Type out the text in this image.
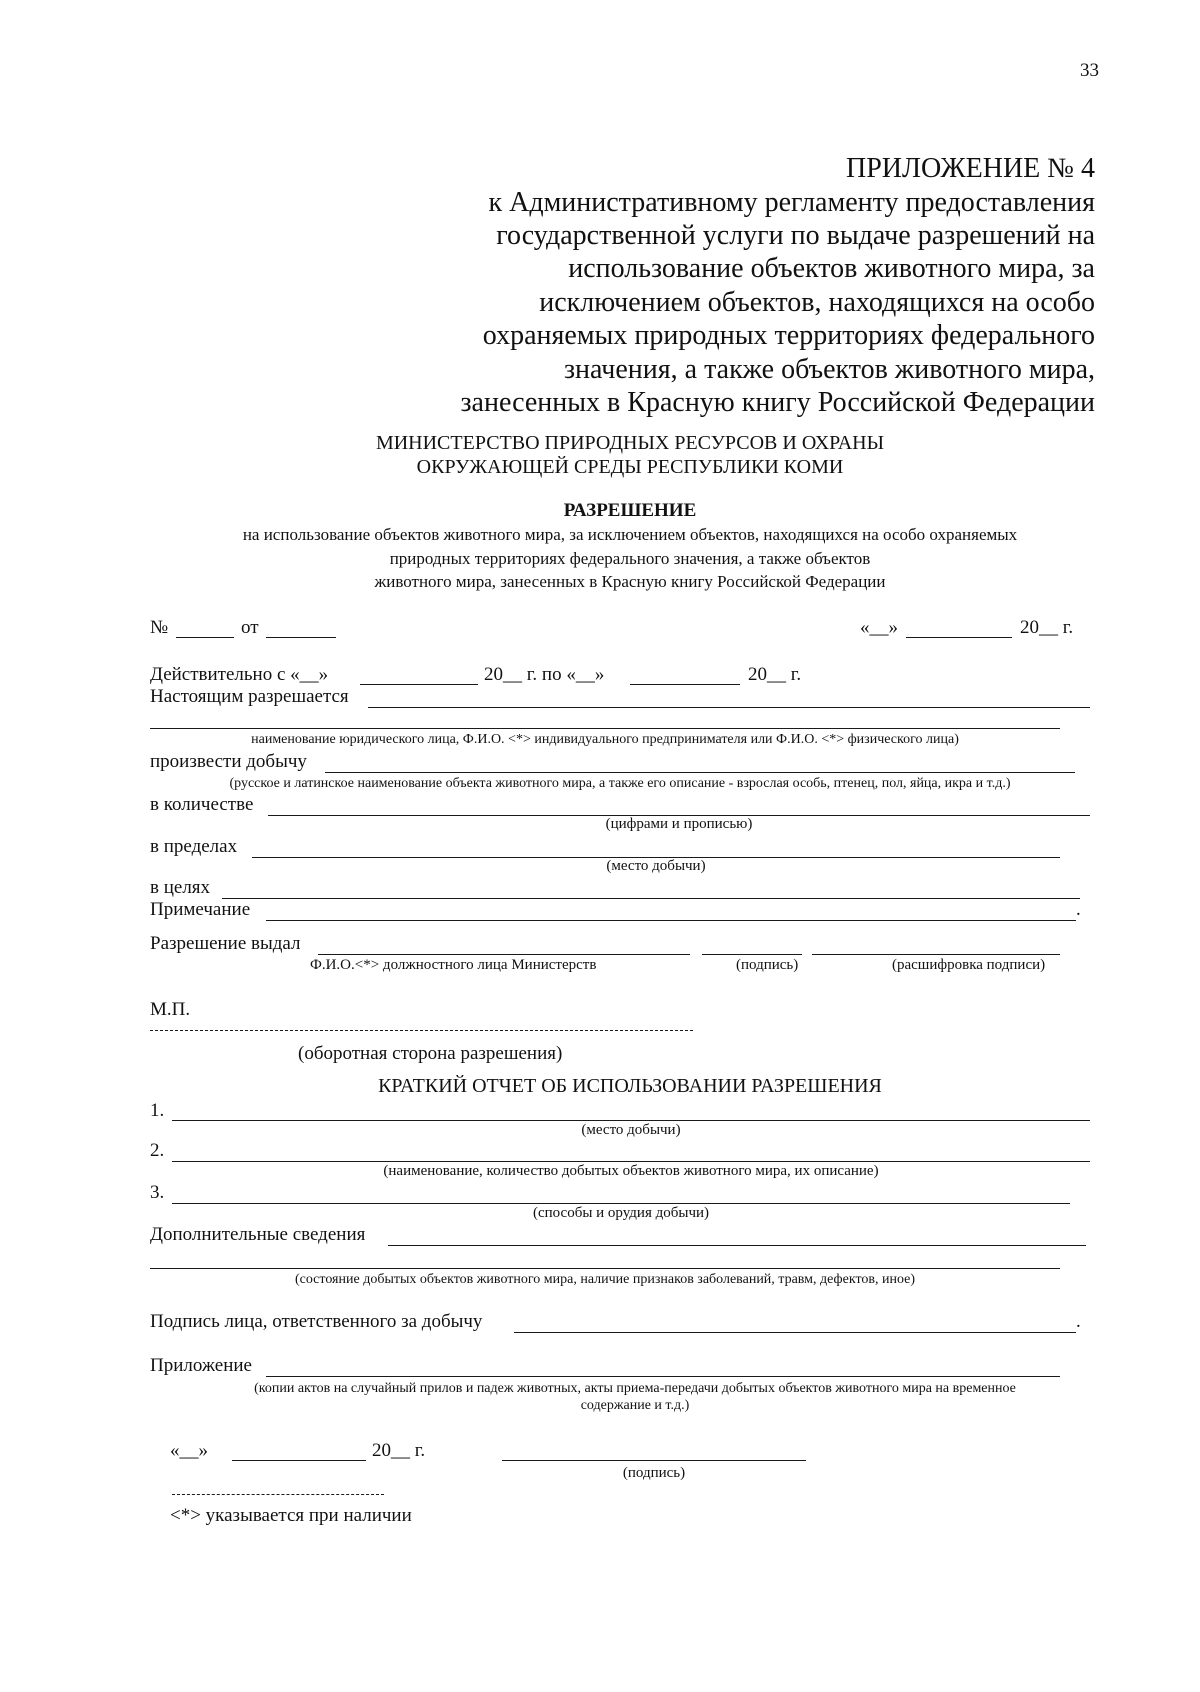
33
ПРИЛОЖЕНИЕ № 4
к Административному регламенту предоставления
государственной услуги по выдаче разрешений на
использование объектов животного мира, за
исключением объектов, находящихся на особо
охраняемых природных территориях федерального
значения, а также объектов животного мира,
занесенных в Красную книгу Российской Федерации
МИНИСТЕРСТВО ПРИРОДНЫХ РЕСУРСОВ И ОХРАНЫ
ОКРУЖАЮЩЕЙ СРЕДЫ РЕСПУБЛИКИ КОМИ
РАЗРЕШЕНИЕ
на использование объектов животного мира, за исключением объектов, находящихся на особо охраняемых
природных территориях федерального значения, а также объектов
животного мира, занесенных в Красную книгу Российской Федерации
№	от	«__»	20__ г.
Действительно с «__»	20__ г. по «__»	20__ г.
Настоящим разрешается
наименование юридического лица, Ф.И.О. <*> индивидуального предпринимателя или Ф.И.О. <*> физического лица)
произвести добычу
(русское и латинское наименование объекта животного мира, а также его описание - взрослая особь, птенец, пол, яйца, икра и т.д.)
в количестве
(цифрами и прописью)
в пределах
(место добычи)
в целях
Примечание	.
Разрешение выдал
Ф.И.О.<*> должностного лица Министерств	(подпись)	(расшифровка подписи)
М.П.
(оборотная сторона разрешения)
КРАТКИЙ ОТЧЕТ ОБ ИСПОЛЬЗОВАНИИ РАЗРЕШЕНИЯ
1.
(место добычи)
2.
(наименование, количество добытых объектов животного мира, их описание)
3.
(способы и орудия добычи)
Дополнительные сведения
(состояние добытых объектов животного мира, наличие признаков заболеваний, травм, дефектов, иное)
Подпись лица, ответственного за добычу	.
Приложение
(копии актов на случайный прилов и падеж животных, акты приема-передачи добытых объектов животного мира на временное
содержание и т.д.)
«__»	20__ г.
(подпись)
<*> указывается при наличии
